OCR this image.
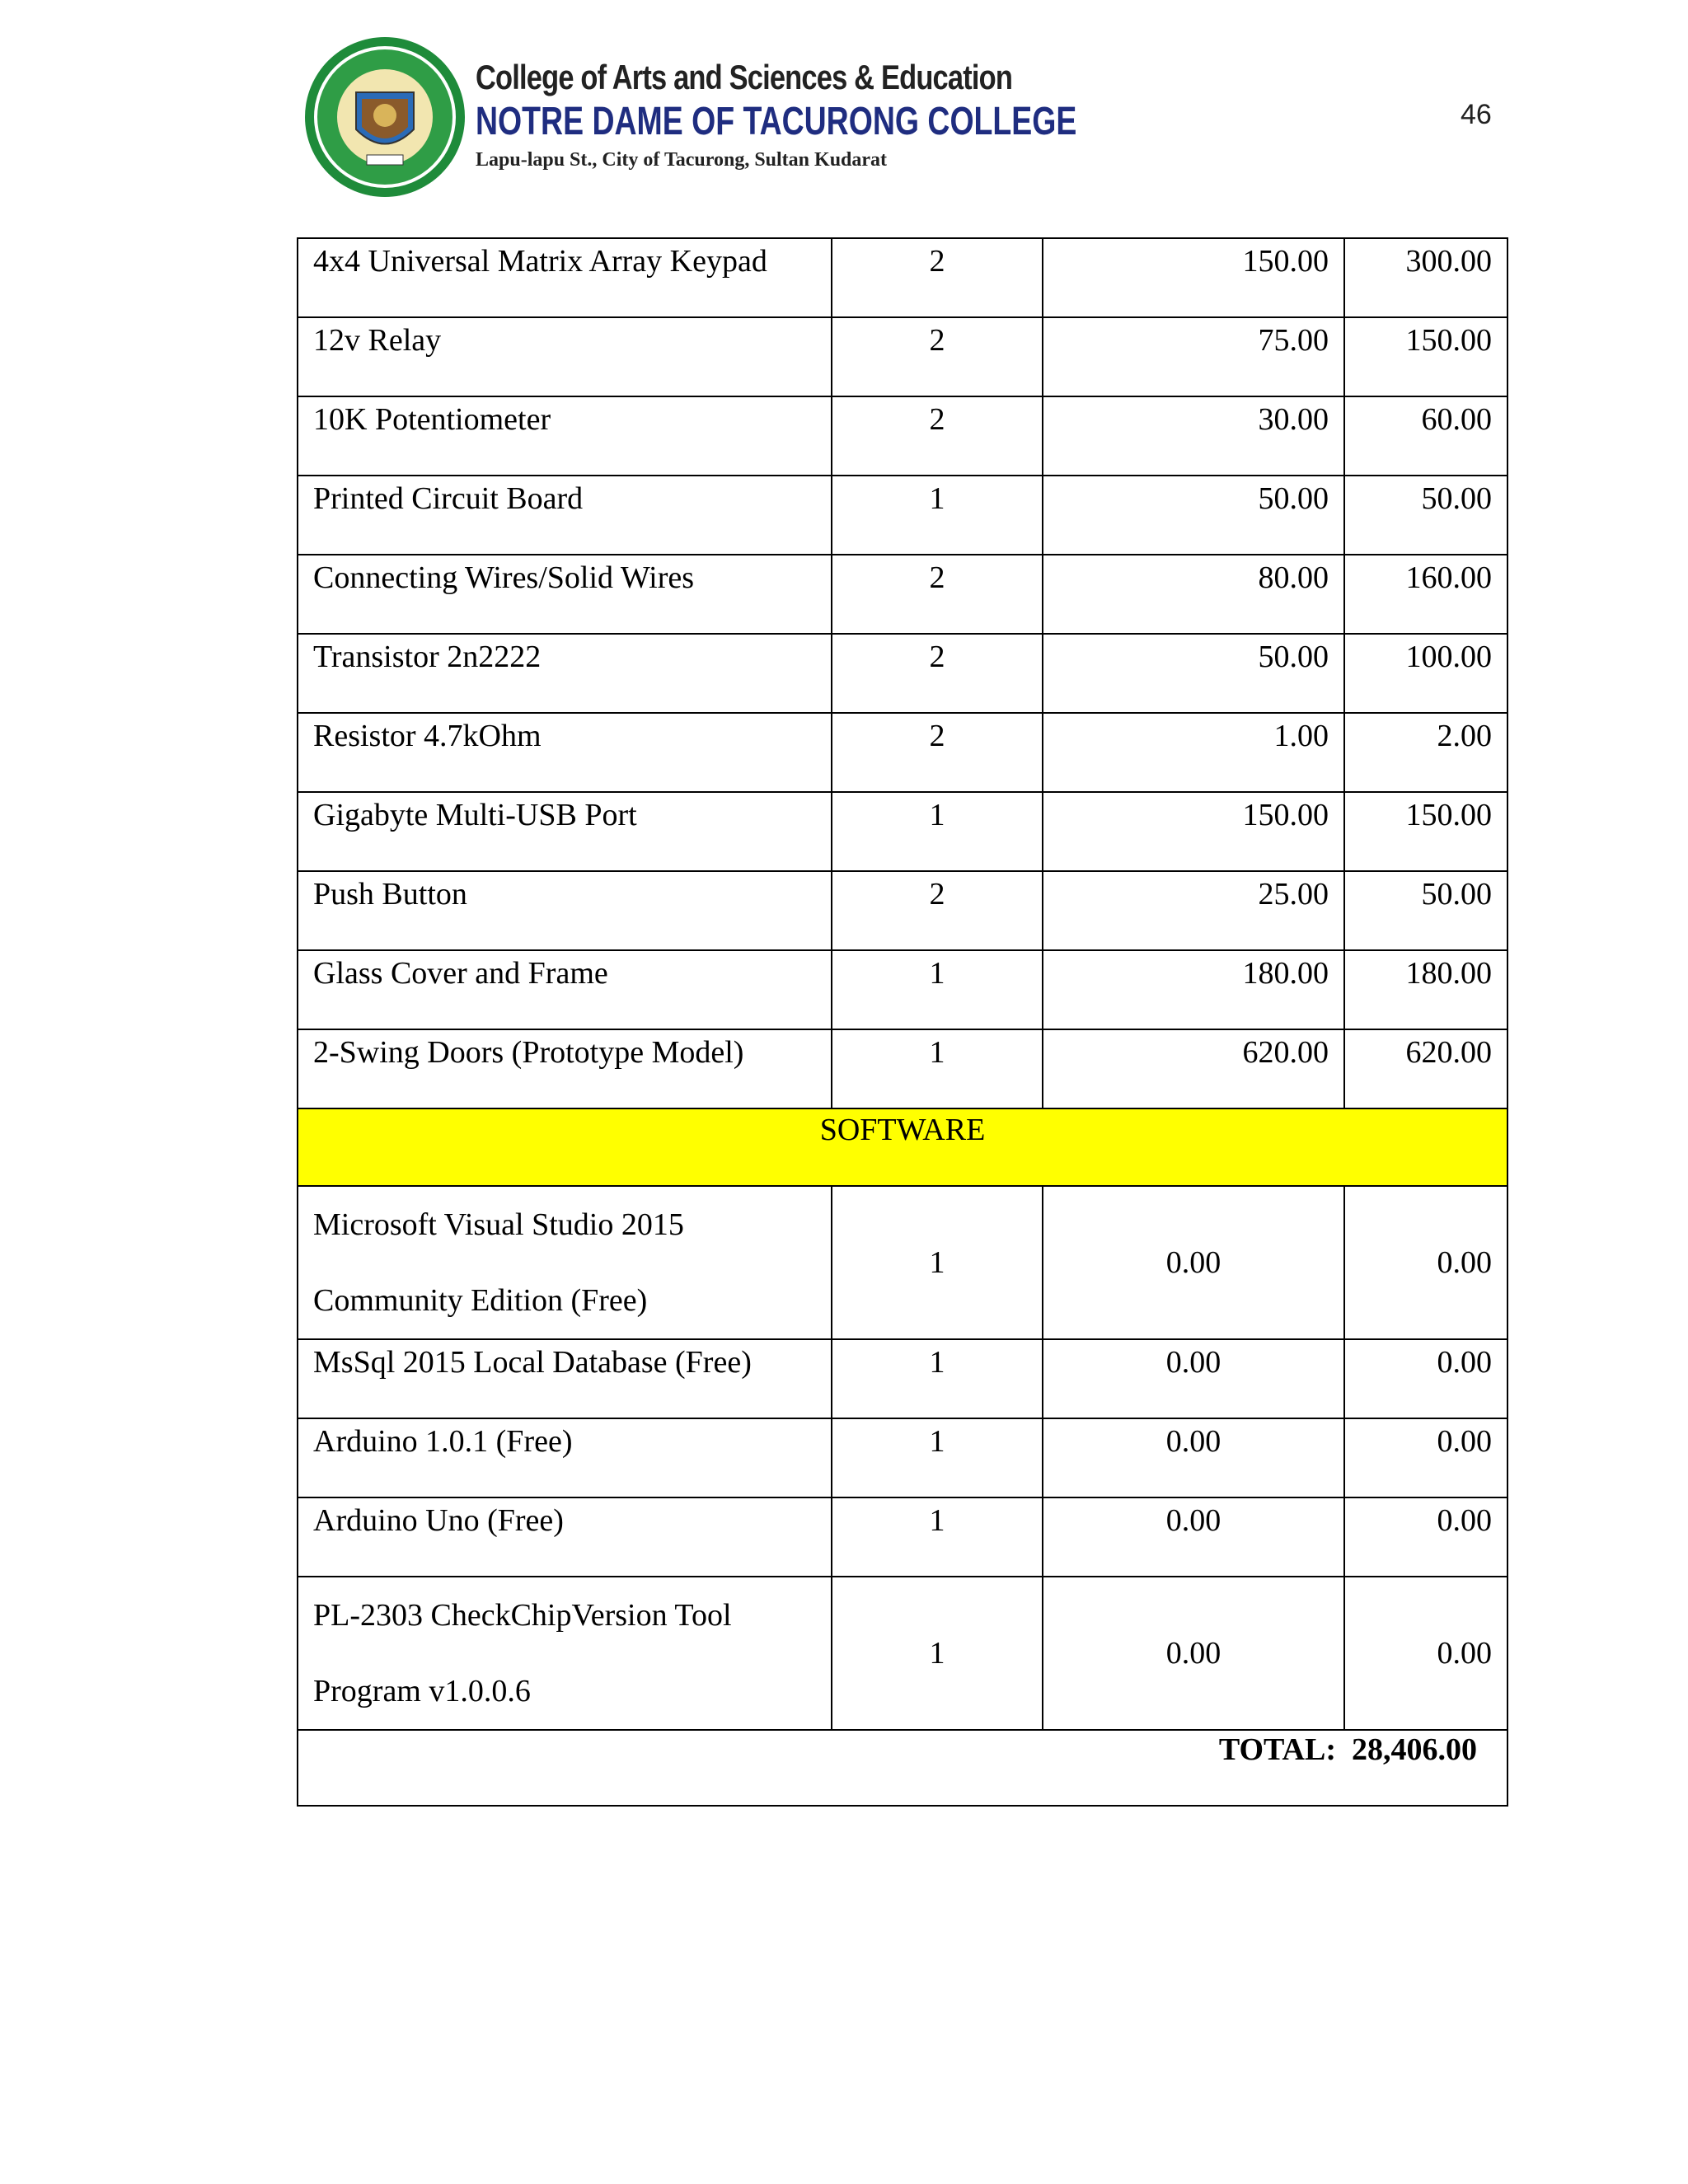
College of Arts and Sciences & Education
NOTRE DAME OF TACURONG COLLEGE
Lapu-lapu St., City of Tacurong, Sultan Kudarat
46
4x4 Universal Matrix Array Keypad	2	150.00	300.00
12v Relay	2	75.00	150.00
10K Potentiometer	2	30.00	60.00
Printed Circuit Board	1	50.00	50.00
Connecting Wires/Solid Wires	2	80.00	160.00
Transistor 2n2222	2	50.00	100.00
Resistor 4.7kOhm	2	1.00	2.00
Gigabyte Multi-USB Port	1	150.00	150.00
Push Button	2	25.00	50.00
Glass Cover and Frame	1	180.00	180.00
2-Swing Doors (Prototype Model)	1	620.00	620.00
SOFTWARE			

Microsoft Visual Studio 2015
Community Edition (Free)	1	0.00	0.00
MsSql 2015 Local Database (Free)	1	0.00	0.00
Arduino 1.0.1 (Free)	1	0.00	0.00
Arduino Uno (Free)	1	0.00	0.00

PL-2303 CheckChipVersion Tool
Program v1.0.0.6	1	0.00	0.00
TOTAL: 28,406.00			
